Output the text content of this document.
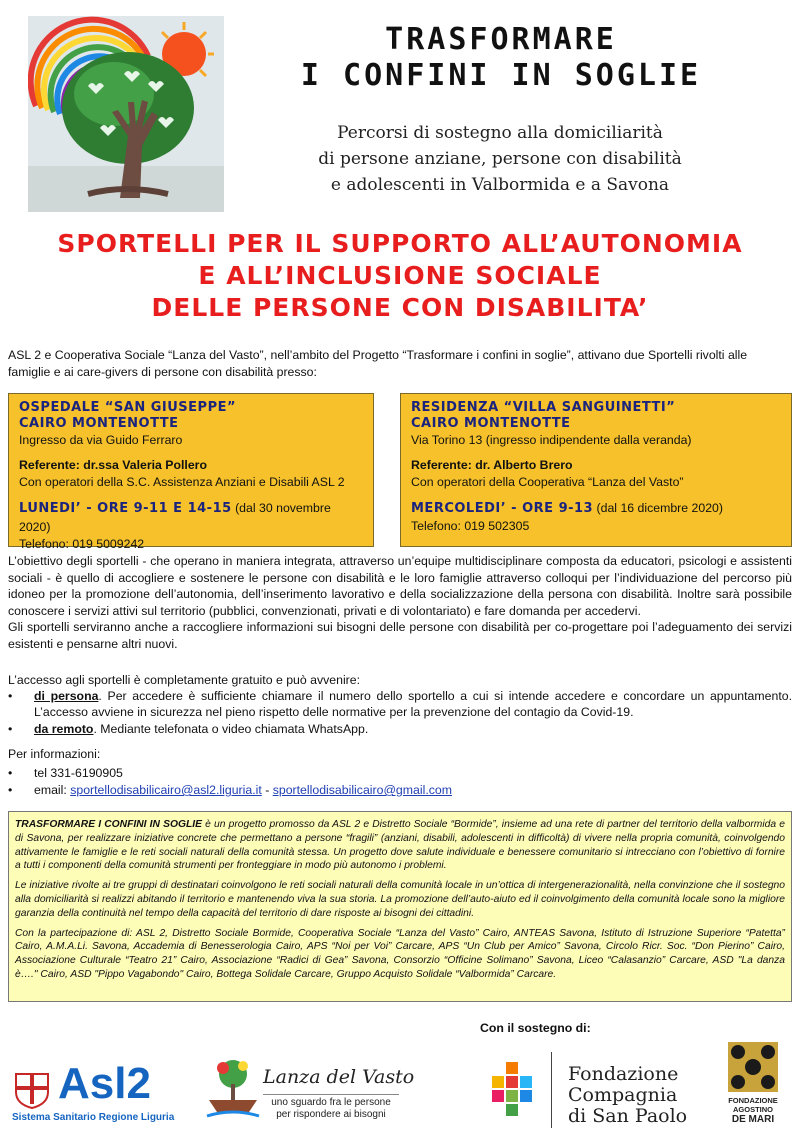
TRASFORMARE
I CONFINI IN SOGLIE
Percorsi di sostegno alla domiciliarità
di persone anziane, persone con disabilità
e adolescenti in Valbormida e a Savona
SPORTELLI PER IL SUPPORTO ALL’AUTONOMIA
E ALL’INCLUSIONE SOCIALE
DELLE PERSONE CON DISABILITA’
ASL 2 e Cooperativa Sociale “Lanza del Vasto”, nell’ambito del Progetto “Trasformare i confini in soglie”, attivano due Sportelli rivolti alle famiglie e ai care-givers di persone con disabilità presso:
OSPEDALE “SAN GIUSEPPE”
CAIRO MONTENOTTE
Ingresso da via Guido Ferraro
Referente: dr.ssa Valeria Pollero
Con operatori della S.C. Assistenza Anziani e Disabili ASL 2
LUNEDI’ - ORE 9-11 E 14-15 (dal 30 novembre 2020)
Telefono: 019 5009242
RESIDENZA “VILLA SANGUINETTI”
CAIRO MONTENOTTE
Via Torino 13 (ingresso indipendente dalla veranda)
Referente: dr. Alberto Brero
Con operatori della Cooperativa “Lanza del Vasto”
MERCOLEDI’ - ORE 9-13 (dal 16 dicembre 2020)
Telefono: 019 502305
L’obiettivo degli sportelli - che operano in maniera integrata, attraverso un’equipe multidisciplinare composta da educatori, psicologi e assistenti sociali - è quello di accogliere e sostenere le persone con disabilità e le loro famiglie attraverso colloqui per l’individuazione del percorso più idoneo per la promozione dell’autonomia, dell’inserimento lavorativo e della socializzazione della persona con disabilità. Inoltre sarà possibile conoscere i servizi attivi sul territorio (pubblici, convenzionati, privati e di volontariato) e fare domanda per accedervi.
Gli sportelli serviranno anche a raccogliere informazioni sui bisogni delle persone con disabilità per co-progettare poi l’adeguamento dei servizi esistenti e pensarne altri nuovi.
L’accesso agli sportelli è completamente gratuito e può avvenire:
• di persona. Per accedere è sufficiente chiamare il numero dello sportello a cui si intende accedere e concordare un appuntamento. L’accesso avviene in sicurezza nel pieno rispetto delle normative per la prevenzione del contagio da Covid-19.
• da remoto. Mediante telefonata o video chiamata WhatsApp.
Per informazioni:
• tel 331-6190905
• email: sportellodisabilicairo@asl2.liguria.it - sportellodisabilicairo@gmail.com

TRASFORMARE I CONFINI IN SOGLIE è un progetto promosso da ASL 2 e Distretto Sociale “Bormide”, insieme ad una rete di partner del territorio della valbormida e di Savona, per realizzare iniziative concrete che permettano a persone “fragili” (anziani, disabili, adolescenti in difficoltà) di vivere nella propria comunità, coinvolgendo attivamente le famiglie e le reti sociali naturali della comunità stessa. Un progetto dove salute individuale e benessere comunitario si intrecciano con l’obiettivo di fornire a tutti i componenti della comunità strumenti per fronteggiare in modo più autonomo i problemi.

Le iniziative rivolte ai tre gruppi di destinatari coinvolgono le reti sociali naturali della comunità locale in un’ottica di intergenerazionalità, nella convinzione che il sostegno alla domiciliarità si realizzi abitando il territorio e mantenendo viva la sua storia. La promozione dell’auto-aiuto ed il coinvolgimento della comunità locale sono la migliore garanzia della continuità nel tempo della capacità del territorio di dare risposte ai bisogni dei cittadini.

Con la partecipazione di: ASL 2, Distretto Sociale Bormide, Cooperativa Sociale “Lanza del Vasto” Cairo, ANTEAS Savona, Istituto di Istruzione Superiore “Patetta” Cairo, A.M.A.Li. Savona, Accademia di Benesserologia Cairo, APS “Noi per Voi” Carcare, APS “Un Club per Amico” Savona, Circolo Ricr. Soc. “Don Pierino” Cairo, Associazione Culturale “Teatro 21” Cairo, Associazione “Radici di Gea” Savona, Consorzio “Officine Solimano” Savona, Liceo “Calasanzio” Carcare, ASD "La danza è…." Cairo, ASD "Pippo Vagabondo" Cairo, Bottega Solidale Carcare, Gruppo Acquisto Solidale “Valbormida” Carcare.

Con il sostegno di:
Asl2
Sistema Sanitario Regione Liguria
Lanza del Vasto
uno sguardo fra le persone
per rispondere ai bisogni
Fondazione
Compagnia
di San Paolo
FONDAZIONE
AGOSTINO
DE MARI
